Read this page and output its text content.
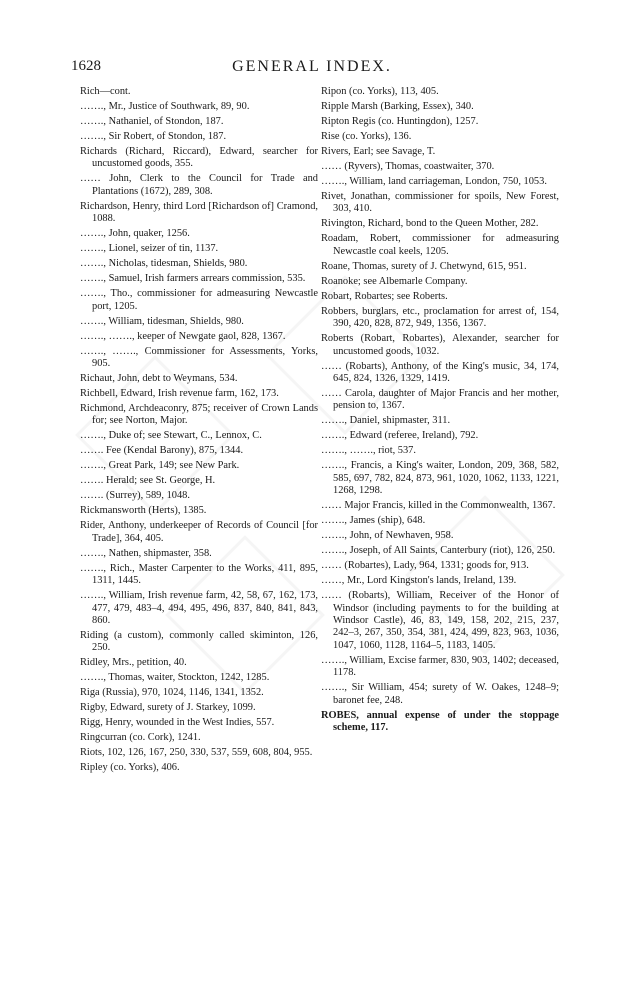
1628	GENERAL INDEX.

Rich—cont.

……., Mr., Justice of Southwark, 89, 90.

……., Nathaniel, of Stondon, 187.

……., Sir Robert, of Stondon, 187.

Richards (Richard, Riccard), Edward, searcher for uncustomed goods, 355.

…… John, Clerk to the Council for Trade and Plantations (1672), 289, 308.

Richardson, Henry, third Lord [Richardson of] Cramond, 1088.

……., John, quaker, 1256.

……., Lionel, seizer of tin, 1137.

……., Nicholas, tidesman, Shields, 980.

……., Samuel, Irish farmers arrears commission, 535.

……., Tho., commissioner for admeasuring Newcastle port, 1205.

……., William, tidesman, Shields, 980.

……., ……., keeper of Newgate gaol, 828, 1367.

……., ……., Commissioner for Assessments, Yorks, 905.

Richaut, John, debt to Weymans, 534.

Richbell, Edward, Irish revenue farm, 162, 173.

Richmond, Archdeaconry, 875; receiver of Crown Lands for; see Norton, Major.

……., Duke of; see Stewart, C., Lennox, C.

……. Fee (Kendal Barony), 875, 1344.

……., Great Park, 149; see New Park.

……. Herald; see St. George, H.

……. (Surrey), 589, 1048.

Rickmansworth (Herts), 1385.

Rider, Anthony, underkeeper of Records of Council [for Trade], 364, 405.

……., Nathen, shipmaster, 358.

……., Rich., Master Carpenter to the Works, 411, 895, 1311, 1445.

……., William, Irish revenue farm, 42, 58, 67, 162, 173, 477, 479, 483–4, 494, 495, 496, 837, 840, 841, 843, 860.

Riding (a custom), commonly called skiminton, 126, 250.

Ridley, Mrs., petition, 40.

……., Thomas, waiter, Stockton, 1242, 1285.

Riga (Russia), 970, 1024, 1146, 1341, 1352.

Rigby, Edward, surety of J. Starkey, 1099.

Rigg, Henry, wounded in the West Indies, 557.

Ringcurran (co. Cork), 1241.

Riots, 102, 126, 167, 250, 330, 537, 559, 608, 804, 955.

Ripley (co. Yorks), 406.

Ripon (co. Yorks), 113, 405.

Ripple Marsh (Barking, Essex), 340.

Ripton Regis (co. Huntingdon), 1257.

Rise (co. Yorks), 136.

Rivers, Earl; see Savage, T.

…… (Ryvers), Thomas, coastwaiter, 370.

……., William, land carriageman, London, 750, 1053.

Rivet, Jonathan, commissioner for spoils, New Forest, 303, 410.

Rivington, Richard, bond to the Queen Mother, 282.

Roadam, Robert, commissioner for admeasuring Newcastle coal keels, 1205.

Roane, Thomas, surety of J. Chetwynd, 615, 951.

Roanoke; see Albemarle Company.

Robart, Robartes; see Roberts.

Robbers, burglars, etc., proclamation for arrest of, 154, 390, 420, 828, 872, 949, 1356, 1367.

Roberts (Robart, Robartes), Alexander, searcher for uncustomed goods, 1032.

…… (Robarts), Anthony, of the King's music, 34, 174, 645, 824, 1326, 1329, 1419.

…… Carola, daughter of Major Francis and her mother, pension to, 1367.

……., Daniel, shipmaster, 311.

……., Edward (referee, Ireland), 792.

……., ……., riot, 537.

……., Francis, a King's waiter, London, 209, 368, 582, 585, 697, 782, 824, 873, 961, 1020, 1062, 1133, 1221, 1268, 1298.

…… Major Francis, killed in the Commonwealth, 1367.

……., James (ship), 648.

……., John, of Newhaven, 958.

……., Joseph, of All Saints, Canterbury (riot), 126, 250.

…… (Robartes), Lady, 964, 1331; goods for, 913.

……, Mr., Lord Kingston's lands, Ireland, 139.

…… (Robarts), William, Receiver of the Honor of Windsor (including payments to for the building at Windsor Castle), 46, 83, 149, 158, 202, 215, 237, 242–3, 267, 350, 354, 381, 424, 499, 823, 963, 1036, 1047, 1060, 1128, 1164–5, 1183, 1405.

……., William, Excise farmer, 830, 903, 1402; deceased, 1178.

……., Sir William, 454; surety of W. Oakes, 1248–9; baronet fee, 248.

ROBES, annual expense of under the stoppage scheme, 117.
